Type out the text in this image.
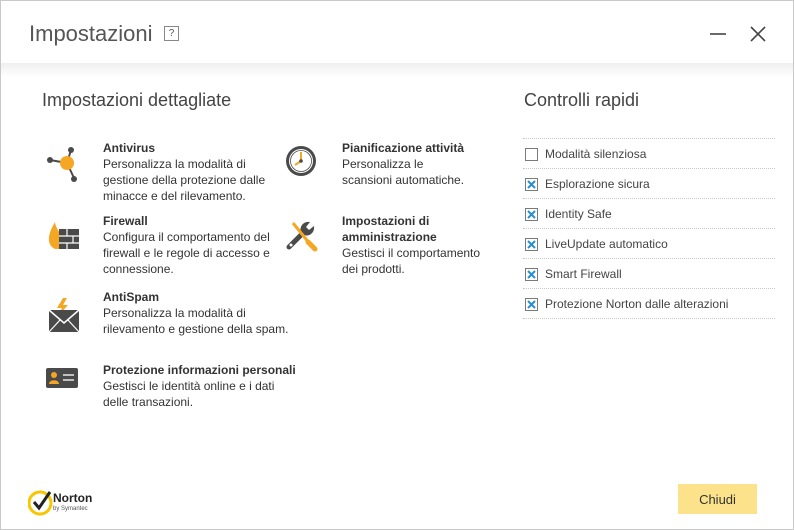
Impostazioni	?
Impostazioni dettagliate	Controlli rapidi
Antivirus
Personalizza la modalità di
gestione della protezione dalle
minacce e del rilevamento.
Firewall
Configura il comportamento del
firewall e le regole di accesso e
connessione.
AntiSpam
Personalizza la modalità di
rilevamento e gestione della spam.
Protezione informazioni personali
Gestisci le identità online e i dati
delle transazioni.
Pianificazione attività
Personalizza le
scansioni automatiche.
Impostazioni di
amministrazione
Gestisci il comportamento
dei prodotti.
Modalità silenziosa
Esplorazione sicura
Identity Safe
LiveUpdate automatico
Smart Firewall
Protezione Norton dalle alterazioni
Norton
by Symantec
Chiudi
